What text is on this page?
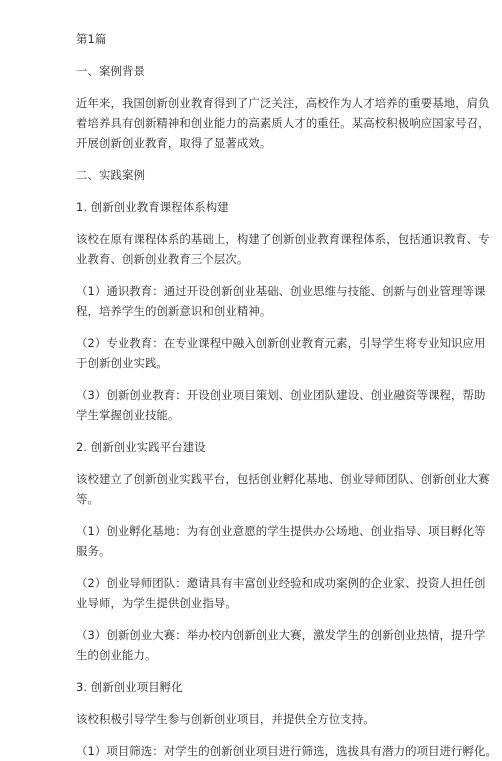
第1篇
一、案例背景
近年来，我国创新创业教育得到了广泛关注，高校作为人才培养的重要基地，肩负
着培养具有创新精神和创业能力的高素质人才的重任。某高校积极响应国家号召，
开展创新创业教育，取得了显著成效。
二、实践案例
1. 创新创业教育课程体系构建
该校在原有课程体系的基础上，构建了创新创业教育课程体系，包括通识教育、专
业教育、创新创业教育三个层次。
（1）通识教育：通过开设创新创业基础、创业思维与技能、创新与创业管理等课
程，培养学生的创新意识和创业精神。
（2）专业教育：在专业课程中融入创新创业教育元素，引导学生将专业知识应用
于创新创业实践。
（3）创新创业教育：开设创业项目策划、创业团队建设、创业融资等课程，帮助
学生掌握创业技能。
2. 创新创业实践平台建设
该校建立了创新创业实践平台，包括创业孵化基地、创业导师团队、创新创业大赛
等。
（1）创业孵化基地：为有创业意愿的学生提供办公场地、创业指导、项目孵化等
服务。
（2）创业导师团队：邀请具有丰富创业经验和成功案例的企业家、投资人担任创
业导师，为学生提供创业指导。
（3）创新创业大赛：举办校内创新创业大赛，激发学生的创新创业热情，提升学
生的创业能力。
3. 创新创业项目孵化
该校积极引导学生参与创新创业项目，并提供全方位支持。
（1）项目筛选：对学生的创新创业项目进行筛选，选拔具有潜力的项目进行孵化。
